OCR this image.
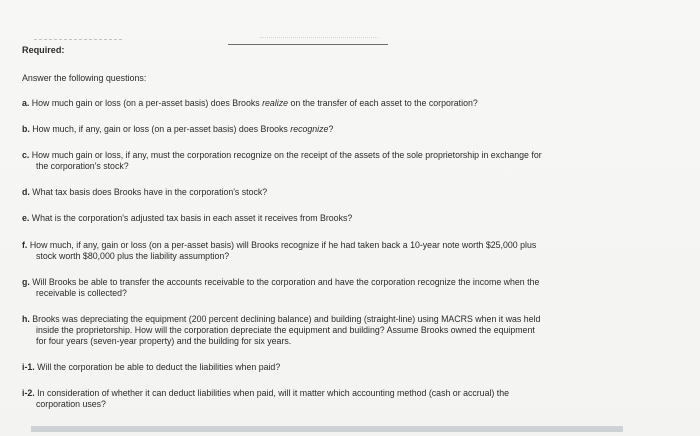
Required:
Answer the following questions:
a. How much gain or loss (on a per-asset basis) does Brooks realize on the transfer of each asset to the corporation?
b. How much, if any, gain or loss (on a per-asset basis) does Brooks recognize?
c. How much gain or loss, if any, must the corporation recognize on the receipt of the assets of the sole proprietorship in exchange for
the corporation's stock?
d. What tax basis does Brooks have in the corporation's stock?
e. What is the corporation's adjusted tax basis in each asset it receives from Brooks?
f. How much, if any, gain or loss (on a per-asset basis) will Brooks recognize if he had taken back a 10-year note worth $25,000 plus
stock worth $80,000 plus the liability assumption?
g. Will Brooks be able to transfer the accounts receivable to the corporation and have the corporation recognize the income when the
receivable is collected?
h. Brooks was depreciating the equipment (200 percent declining balance) and building (straight-line) using MACRS when it was held
inside the proprietorship. How will the corporation depreciate the equipment and building? Assume Brooks owned the equipment
for four years (seven-year property) and the building for six years.
i-1. Will the corporation be able to deduct the liabilities when paid?
i-2. In consideration of whether it can deduct liabilities when paid, will it matter which accounting method (cash or accrual) the
corporation uses?
